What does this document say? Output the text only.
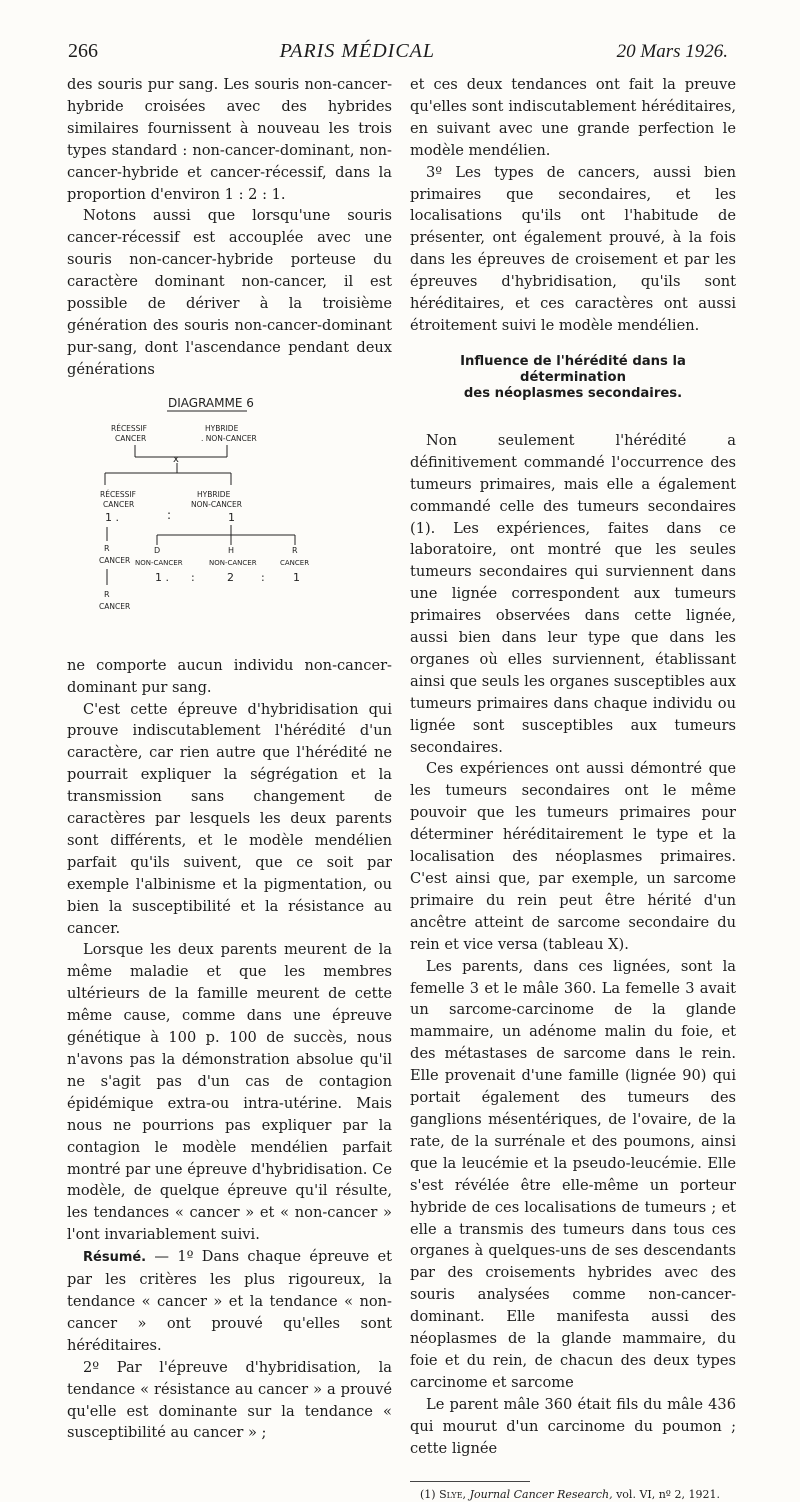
266	PARIS MÉDICAL	20 Mars 1926.

des souris pur sang. Les souris non-cancer-hybride croisées avec des hybrides similaires fournissent à nouveau les trois types standard : non-cancer-dominant, non-cancer-hybride et cancer-récessif, dans la proportion d'environ 1 : 2 : 1.

Notons aussi que lorsqu'une souris cancer-récessif est accouplée avec une souris non-cancer-hybride porteuse du caractère dominant non-cancer, il est possible de dériver à la troisième génération des souris non-cancer-dominant pur-sang, dont l'ascendance pendant deux générations

DIAGRAMME 6
RÉCESSIF
CANCER
HYBRIDE
. NON-CANCER
x
RÉCESSIF
CANCER
1 .
HYBRIDE
NON-CANCER
1
:
R
CANCER
R
CANCER
D
NON-CANCER
1 .
H
NON-CANCER
2
R
CANCER
1
:	:

ne comporte aucun individu non-cancer-dominant pur sang.

C'est cette épreuve d'hybridisation qui prouve indiscutablement l'hérédité d'un caractère, car rien autre que l'hérédité ne pourrait expliquer la ségrégation et la transmission sans changement de caractères par lesquels les deux parents sont différents, et le modèle mendélien parfait qu'ils suivent, que ce soit par exemple l'albinisme et la pigmentation, ou bien la susceptibilité et la résistance au cancer.

Lorsque les deux parents meurent de la même maladie et que les membres ultérieurs de la famille meurent de cette même cause, comme dans une épreuve génétique à 100 p. 100 de succès, nous n'avons pas la démonstration absolue qu'il ne s'agit pas d'un cas de contagion épidémique extra-ou intra-utérine. Mais nous ne pourrions pas expliquer par la contagion le modèle mendélien parfait montré par une épreuve d'hybridisation. Ce modèle, de quelque épreuve qu'il résulte, les tendances « cancer » et « non-cancer » l'ont invariablement suivi.

Résumé. — 1º Dans chaque épreuve et par les critères les plus rigoureux, la tendance « cancer » et la tendance « non-cancer » ont prouvé qu'elles sont héréditaires.

2º Par l'épreuve d'hybridisation, la tendance « résistance au cancer » a prouvé qu'elle est dominante sur la tendance « susceptibilité au cancer » ;

et ces deux tendances ont fait la preuve qu'elles sont indiscutablement héréditaires, en suivant avec une grande perfection le modèle mendélien.

3º Les types de cancers, aussi bien primaires que secondaires, et les localisations qu'ils ont l'habitude de présenter, ont également prouvé, à la fois dans les épreuves de croisement et par les épreuves d'hybridisation, qu'ils sont héréditaires, et ces caractères ont aussi étroitement suivi le modèle mendélien.

Influence de l'hérédité dans la détermination
des néoplasmes secondaires.

Non seulement l'hérédité a définitivement commandé l'occurrence des tumeurs primaires, mais elle a également commandé celle des tumeurs secondaires (1). Les expériences, faites dans ce laboratoire, ont montré que les seules tumeurs secondaires qui surviennent dans une lignée correspondent aux tumeurs primaires observées dans cette lignée, aussi bien dans leur type que dans les organes où elles surviennent, établissant ainsi que seuls les organes susceptibles aux tumeurs primaires dans chaque individu ou lignée sont susceptibles aux tumeurs secondaires.

Ces expériences ont aussi démontré que les tumeurs secondaires ont le même pouvoir que les tumeurs primaires pour déterminer héréditairement le type et la localisation des néoplasmes primaires. C'est ainsi que, par exemple, un sarcome primaire du rein peut être hérité d'un ancêtre atteint de sarcome secondaire du rein et vice versa (tableau X).

Les parents, dans ces lignées, sont la femelle 3 et le mâle 360. La femelle 3 avait un sarcome-carcinome de la glande mammaire, un adénome malin du foie, et des métastases de sarcome dans le rein. Elle provenait d'une famille (lignée 90) qui portait également des tumeurs des ganglions mésentériques, de l'ovaire, de la rate, de la surrénale et des poumons, ainsi que la leucémie et la pseudo-leucémie. Elle s'est révélée être elle-même un porteur hybride de ces localisations de tumeurs ; et elle a transmis des tumeurs dans tous ces organes à quelques-uns de ses descendants par des croisements hybrides avec des souris analysées comme non-cancer-dominant. Elle manifesta aussi des néoplasmes de la glande mammaire, du foie et du rein, de chacun des deux types carcinome et sarcome

Le parent mâle 360 était fils du mâle 436 qui mourut d'un carcinome du poumon ; cette lignée

(1) Slye, Journal Cancer Research, vol. VI, nº 2, 1921.
